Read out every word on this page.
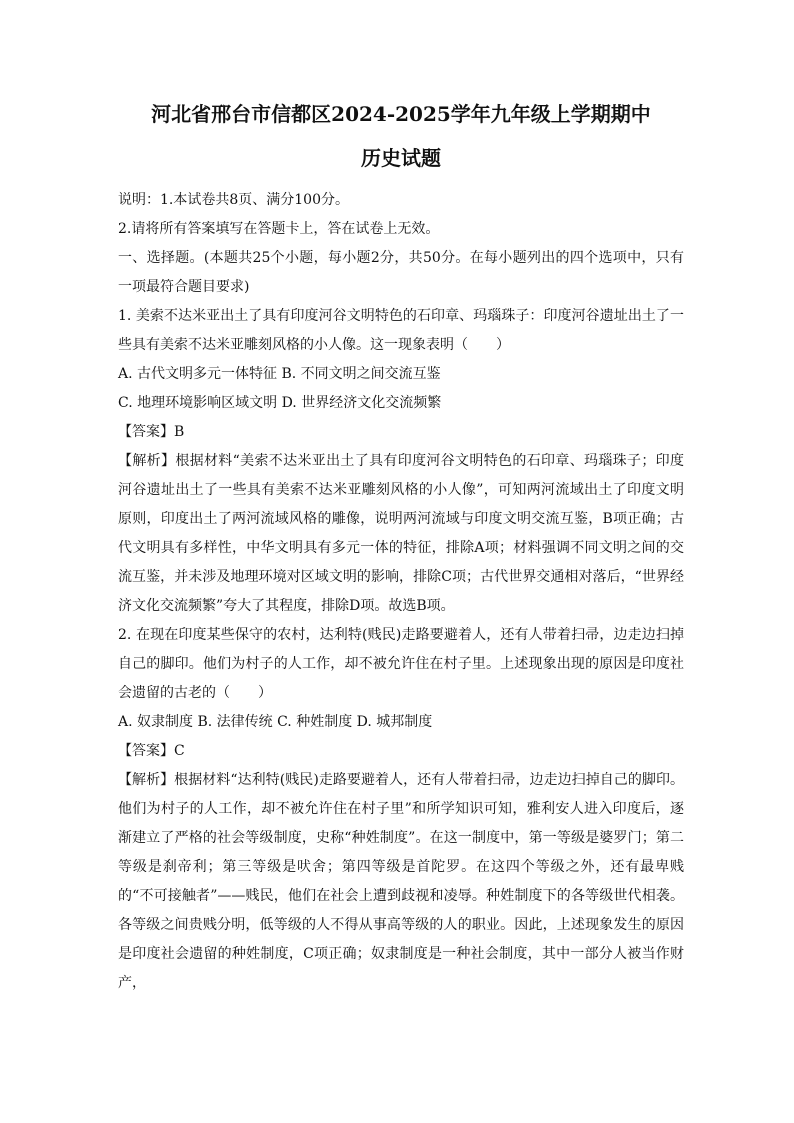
河北省邢台市信都区2024-2025学年九年级上学期期中
历史试题

说明：1.本试卷共8页、满分100分。

2.请将所有答案填写在答题卡上，答在试卷上无效。

一、选择题。(本题共25个小题，每小题2分，共50分。在每小题列出的四个选项中，只有一项最符合题目要求)

1. 美索不达米亚出土了具有印度河谷文明特色的石印章、玛瑙珠子：印度河谷遗址出土了一些具有美索不达米亚雕刻风格的小人像。这一现象表明（　　）

A. 古代文明多元一体特征 B. 不同文明之间交流互鉴

C. 地理环境影响区域文明 D. 世界经济文化交流频繁

【答案】B

【解析】根据材料“美索不达米亚出土了具有印度河谷文明特色的石印章、玛瑙珠子；印度河谷遗址出土了一些具有美索不达米亚雕刻风格的小人像”，可知两河流域出土了印度文明原则，印度出土了两河流域风格的雕像，说明两河流域与印度文明交流互鉴，B项正确；古代文明具有多样性，中华文明具有多元一体的特征，排除A项；材料强调不同文明之间的交流互鉴，并未涉及地理环境对区域文明的影响，排除C项；古代世界交通相对落后，“世界经济文化交流频繁”夸大了其程度，排除D项。故选B项。

2. 在现在印度某些保守的农村，达利特(贱民)走路要避着人，还有人带着扫帚，边走边扫掉自己的脚印。他们为村子的人工作，却不被允许住在村子里。上述现象出现的原因是印度社会遗留的古老的（　　）

A. 奴隶制度 B. 法律传统 C. 种姓制度 D. 城邦制度

【答案】C

【解析】根据材料“达利特(贱民)走路要避着人，还有人带着扫帚，边走边扫掉自己的脚印。他们为村子的人工作，却不被允许住在村子里”和所学知识可知，雅利安人进入印度后，逐渐建立了严格的社会等级制度，史称“种姓制度”。在这一制度中，第一等级是婆罗门；第二等级是刹帝利；第三等级是吠舍；第四等级是首陀罗。在这四个等级之外，还有最卑贱的“不可接触者”——贱民，他们在社会上遭到歧视和凌辱。种姓制度下的各等级世代相袭。各等级之间贵贱分明，低等级的人不得从事高等级的人的职业。因此，上述现象发生的原因是印度社会遗留的种姓制度，C项正确；奴隶制度是一种社会制度，其中一部分人被当作财产，
